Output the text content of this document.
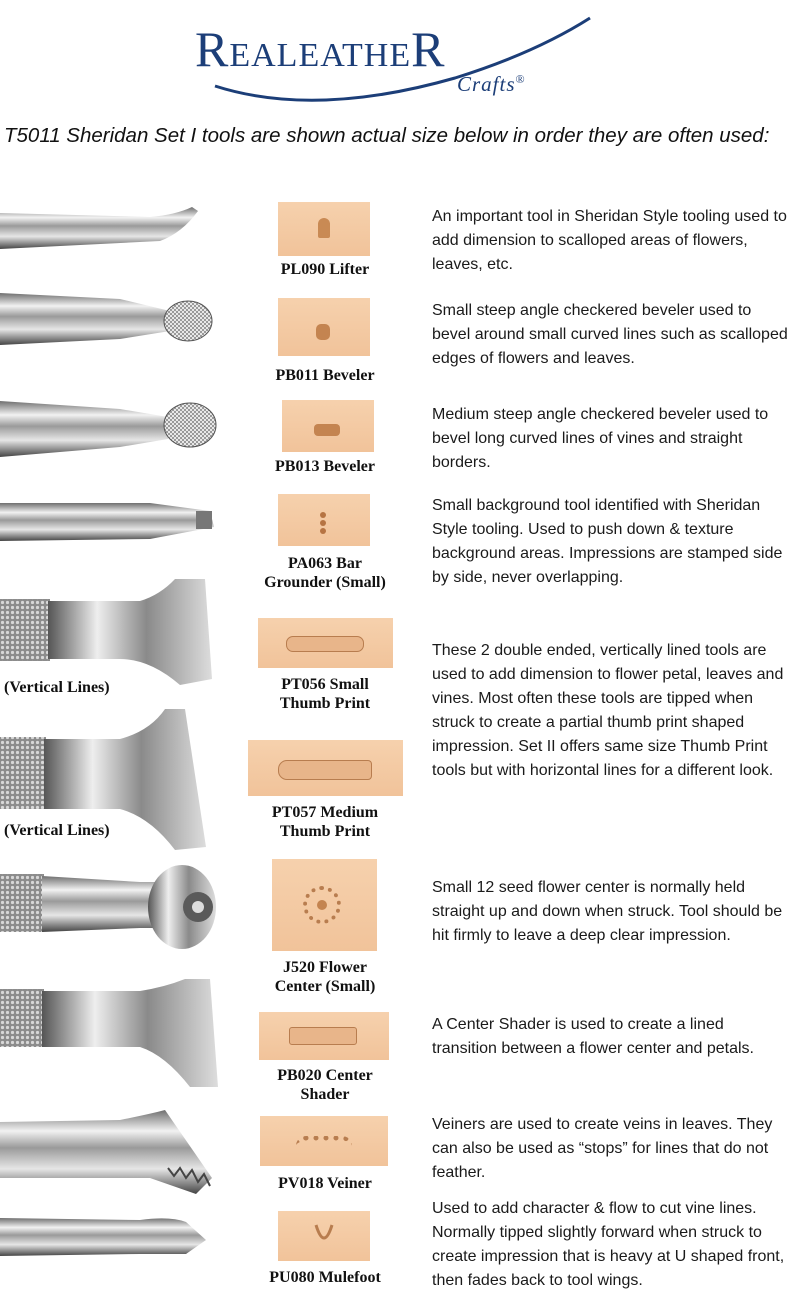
REALEATHER
Crafts®
T5011 Sheridan Set I tools are shown actual size below in order they are often used:
PL090 Lifter
An important tool in Sheridan Style tooling used to add dimension to scalloped areas of flowers, leaves, etc.
PB011 Beveler
Small steep angle checkered beveler used to bevel around small curved lines such as scalloped edges of flowers and leaves.
PB013 Beveler
Medium steep angle checkered beveler used to bevel long curved lines of vines and straight borders.
PA063 Bar
Grounder (Small)
Small background tool identified with Sheridan Style tooling. Used to push down & texture background areas. Impressions are stamped side by side, never overlapping.
(Vertical Lines)	PT056 Small
Thumb Print
These 2 double ended, vertically lined tools are used to add dimension to flower petal, leaves and vines. Most often these tools are tipped when struck to create a partial thumb print shaped impression. Set II offers same size Thumb Print tools but with horizontal lines for a different look.
(Vertical Lines)
PT057 Medium
Thumb Print
J520 Flower
Center (Small)
Small 12 seed flower center is normally held straight up and down when struck. Tool should be hit firmly to leave a deep clear impression.
PB020 Center
Shader
A Center Shader is used to create a lined transition between a flower center and petals.
PV018 Veiner
Veiners are used to create veins in leaves. They can also be used as “stops” for lines that do not feather.
PU080 Mulefoot
Used to add character & flow to cut vine lines. Normally tipped slightly forward when struck to create impression that is heavy at U shaped front, then fades back to tool wings.
